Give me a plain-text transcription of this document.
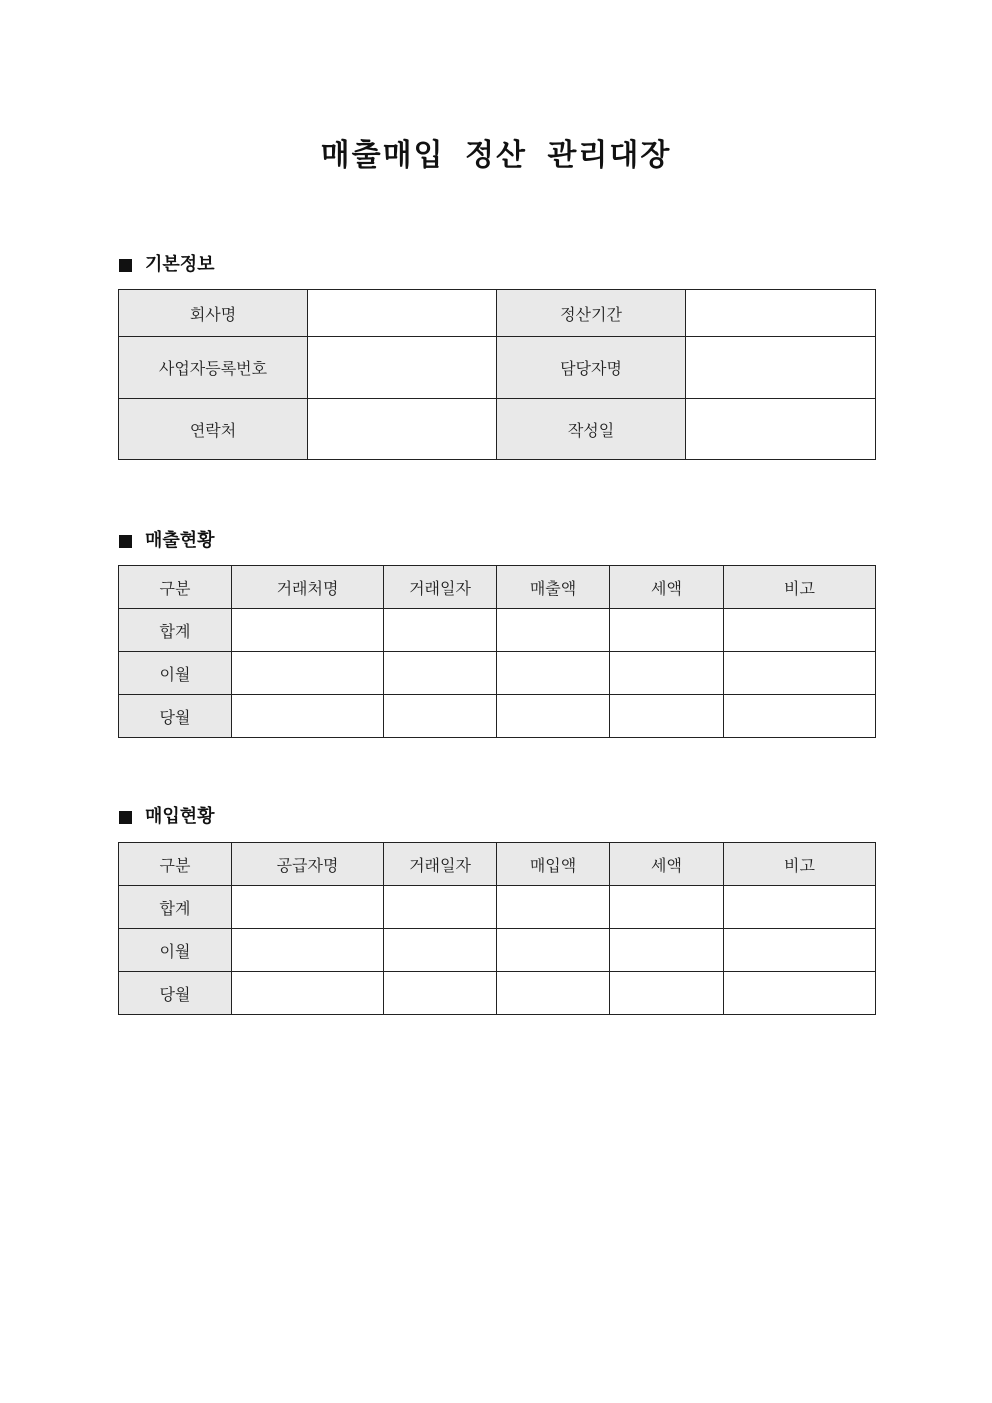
매출매입 정산 관리대장
기본정보
회사명		정산기간	
사업자등록번호		담당자명	
연락처		작성일	
매출현황
구분	거래처명	거래일자	매출액	세액	비고
합계					
이월					
당월					
매입현황
구분	공급자명	거래일자	매입액	세액	비고
합계					
이월					
당월					
